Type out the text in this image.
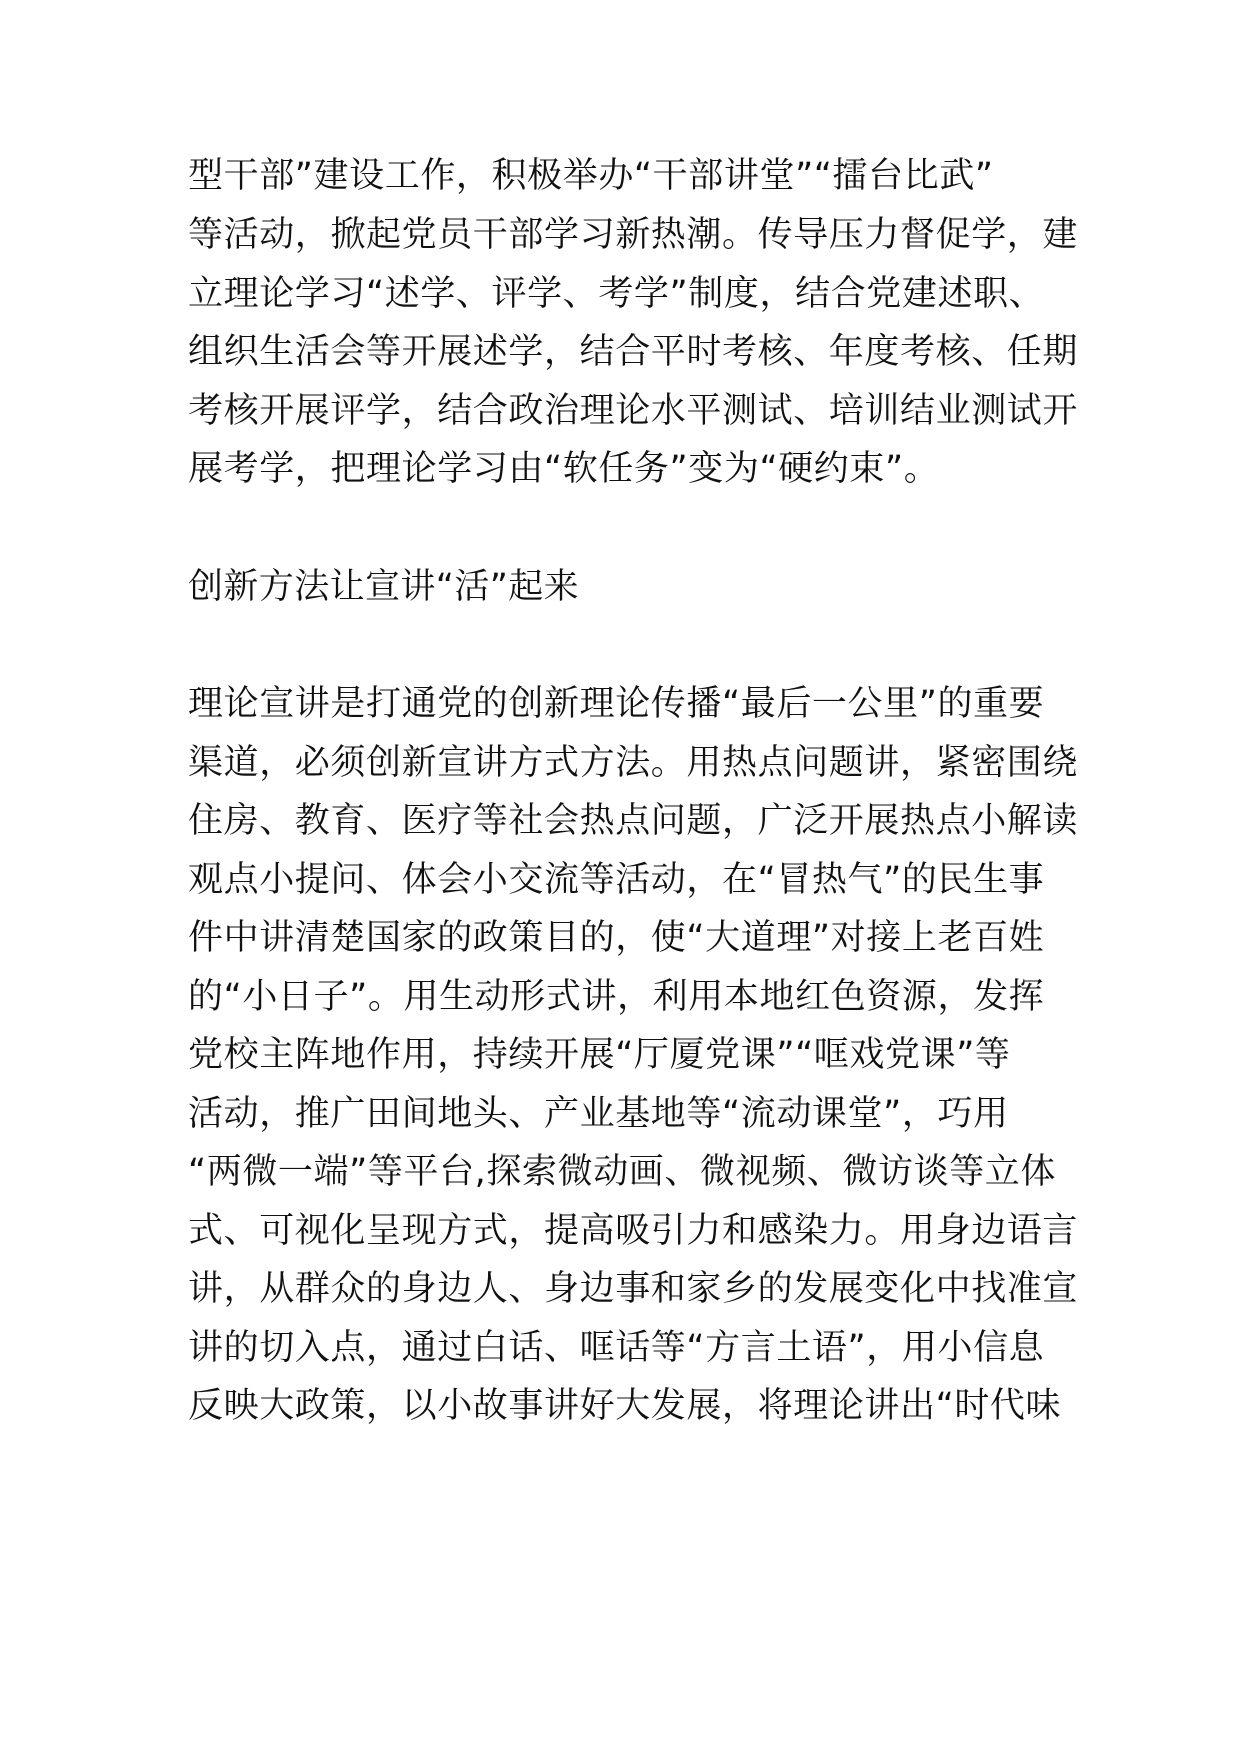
型干部”建设工作，积极举办“干部讲堂”“擂台比武”
等活动，掀起党员干部学习新热潮。传导压力督促学，建
立理论学习“述学、评学、考学”制度，结合党建述职、
组织生活会等开展述学，结合平时考核、年度考核、任期
考核开展评学，结合政治理论水平测试、培训结业测试开
展考学，把理论学习由“软任务”变为“硬约束”。
创新方法让宣讲“活”起来
理论宣讲是打通党的创新理论传播“最后一公里”的重要
渠道，必须创新宣讲方式方法。用热点问题讲，紧密围绕
住房、教育、医疗等社会热点问题，广泛开展热点小解读
观点小提问、体会小交流等活动，在“冒热气”的民生事
件中讲清楚国家的政策目的，使“大道理”对接上老百姓
的“小日子”。用生动形式讲，利用本地红色资源，发挥
党校主阵地作用，持续开展“厅厦党课”“哐戏党课”等
活动，推广田间地头、产业基地等“流动课堂”，巧用
“两微一端”等平台,探索微动画、微视频、微访谈等立体
式、可视化呈现方式，提高吸引力和感染力。用身边语言
讲，从群众的身边人、身边事和家乡的发展变化中找准宣
讲的切入点，通过白话、哐话等“方言土语”，用小信息
反映大政策，以小故事讲好大发展，将理论讲出“时代味
